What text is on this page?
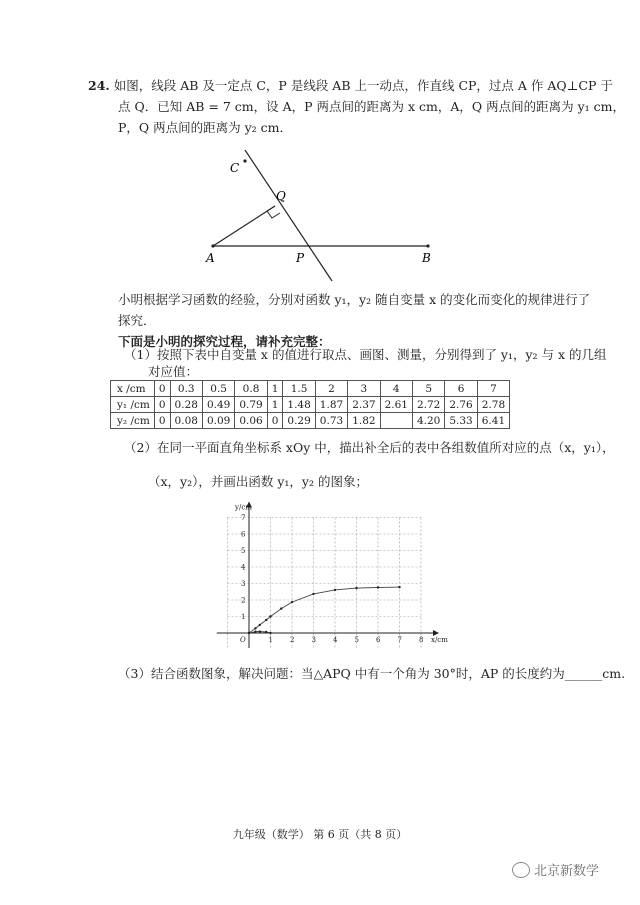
24. 如图，线段 AB 及一定点 C，P 是线段 AB 上一动点，作直线 CP，过点 A 作 AQ⊥CP 于
点 Q．已知 AB = 7 cm，设 A，P 两点间的距离为 x cm，A，Q 两点间的距离为 y₁ cm，
P，Q 两点间的距离为 y₂ cm．
C
Q
A	P	B
小明根据学习函数的经验，分别对函数 y₁，y₂ 随自变量 x 的变化而变化的规律进行了
探究．
下面是小明的探究过程，请补充完整：
（1）按照下表中自变量 x 的值进行取点、画图、测量，分别得到了 y₁，y₂ 与 x 的几组
对应值：
x /cm	0	0.3	0.5	0.8	1	1.5	2	3	4	5	6	7
y₁ /cm	0	0.28	0.49	0.79	1	1.48	1.87	2.37	2.61	2.72	2.76	2.78
y₂ /cm	0	0.08	0.09	0.06	0	0.29	0.73	1.82		4.20	5.33	6.41
（2）在同一平面直角坐标系 xOy 中，描出补全后的表中各组数值所对应的点（x，y₁），
（x，y₂），并画出函数 y₁，y₂ 的图象；
1 2 3 4 5 6 7 8
1
2
3
4
5
6
7
O	x/cm
y/cm
（3）结合函数图象，解决问题：当△APQ 中有一个角为 30°时，AP 的长度约为______cm.
九年级（数学） 第 6 页（共 8 页）
北京新数学
